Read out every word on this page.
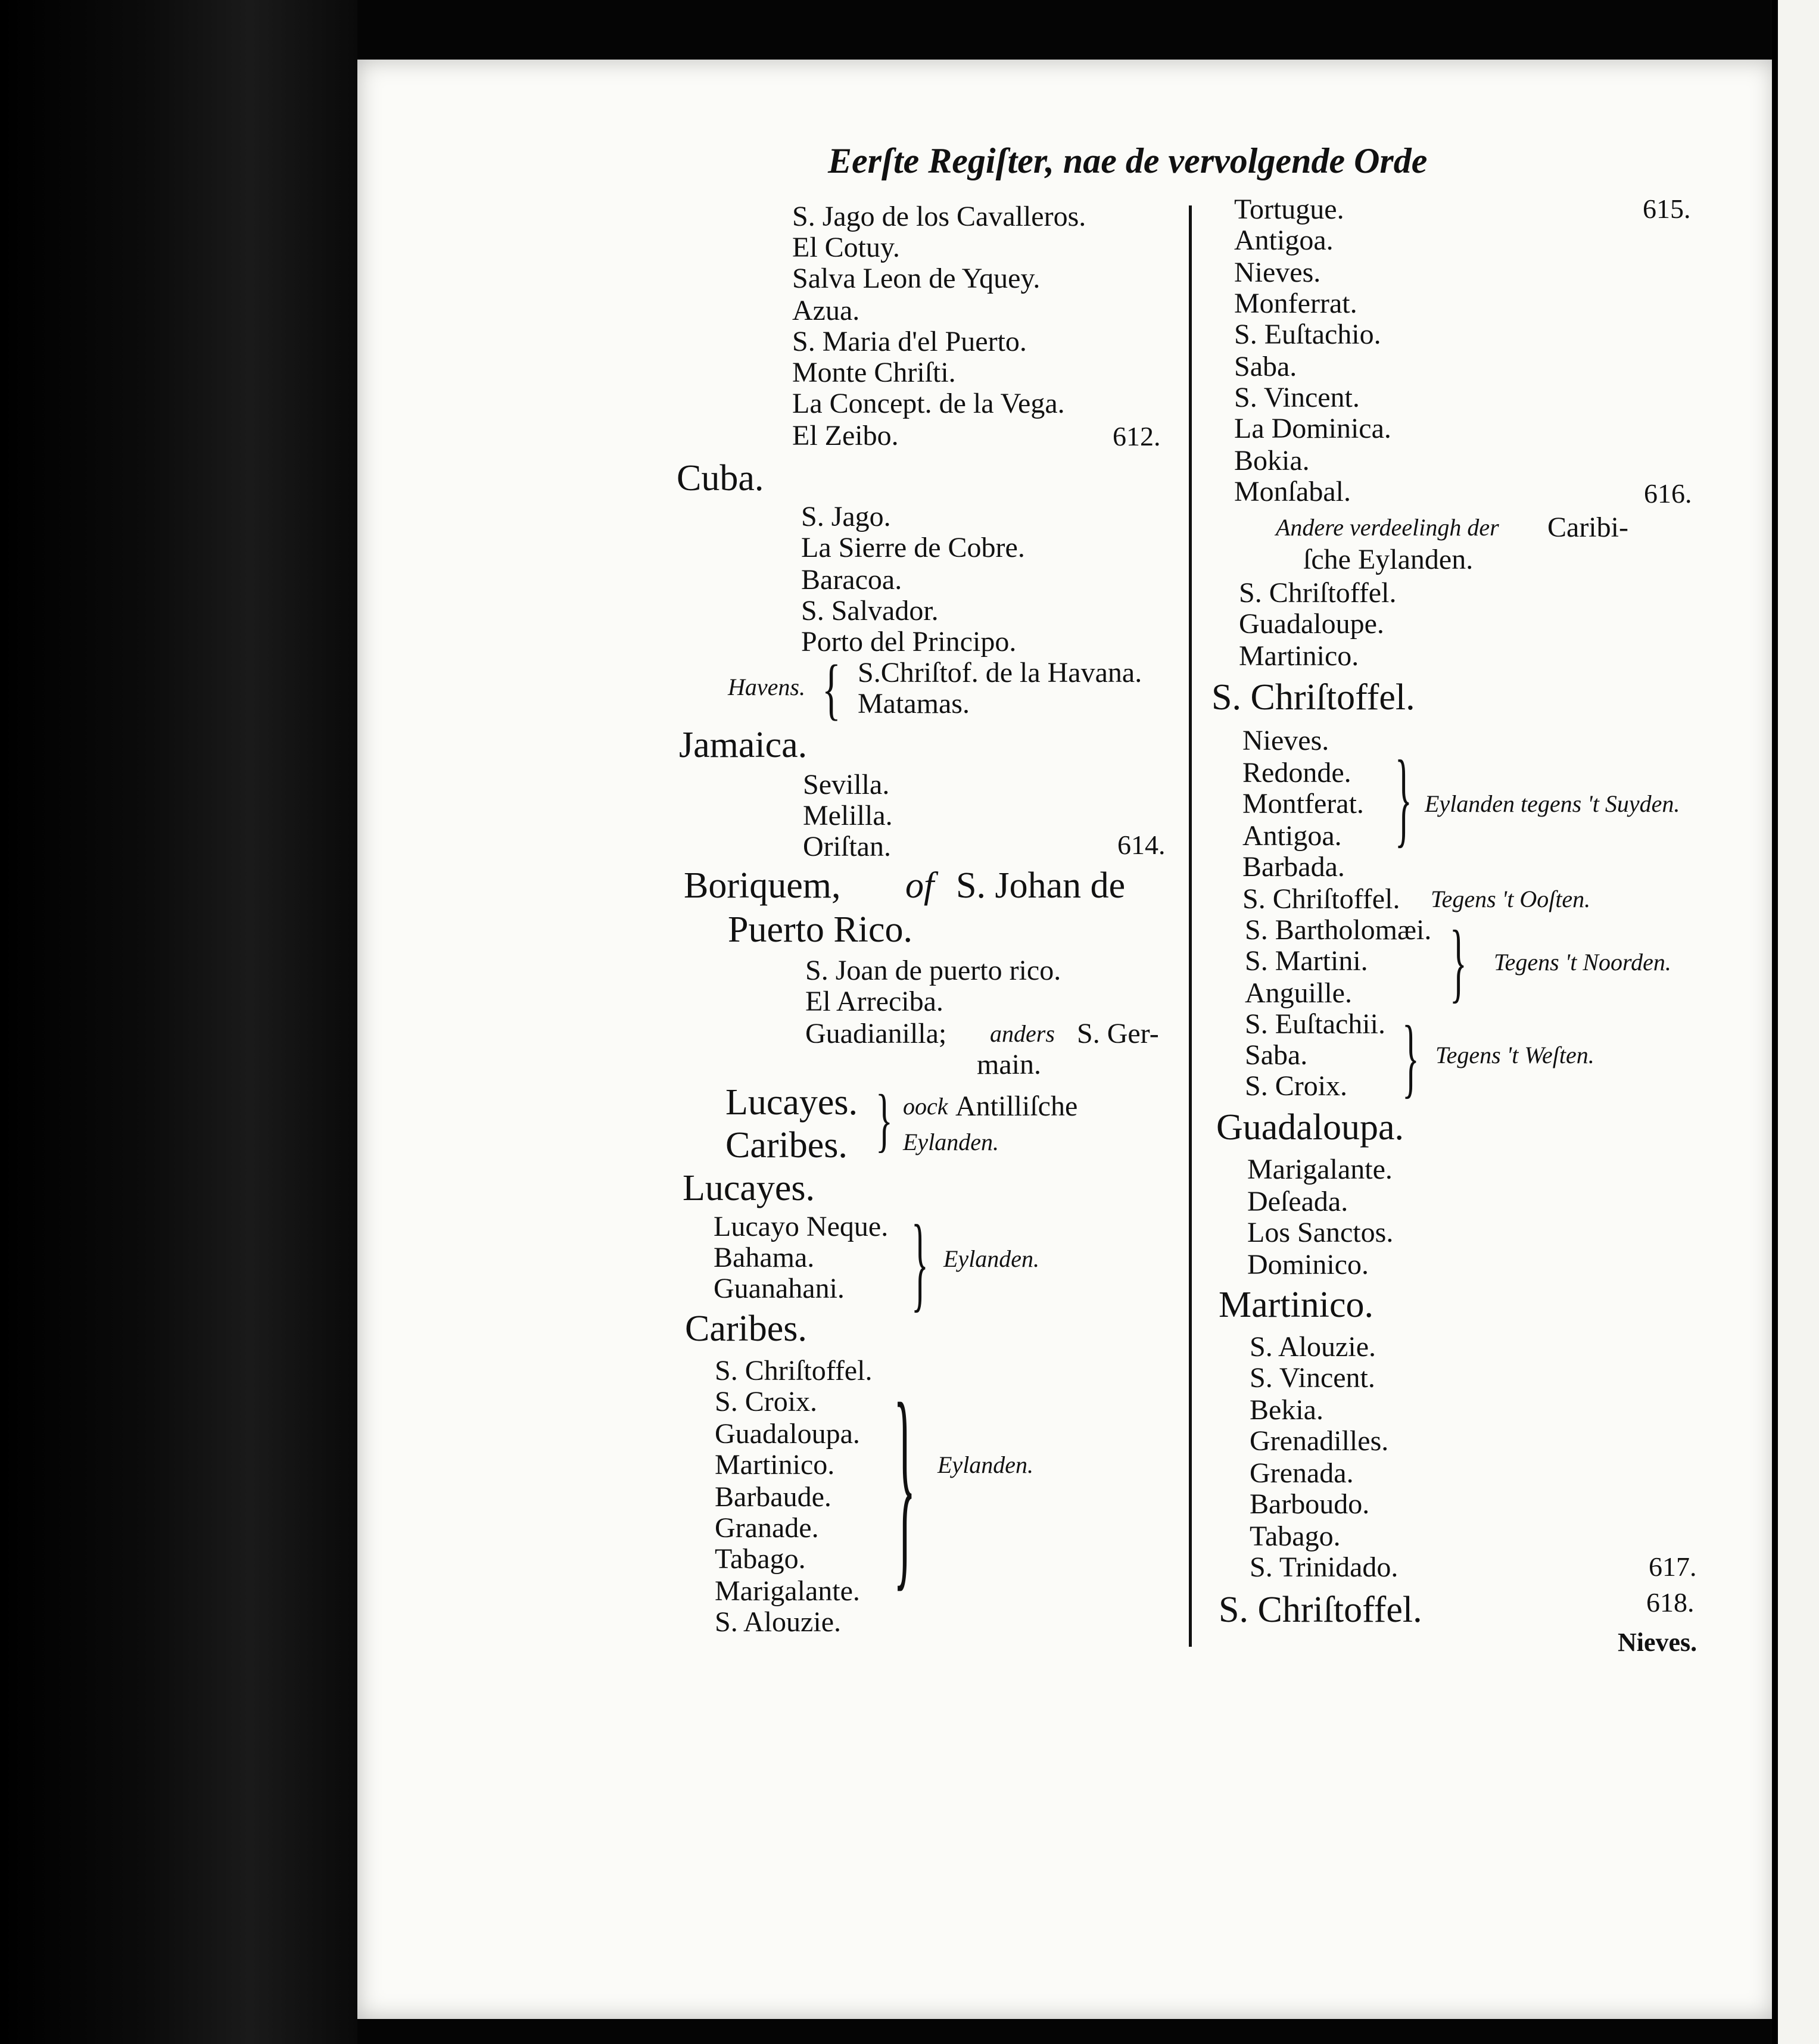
Eerſte Regiſter, nae de vervolgende Orde
S. Jago de los Cavalleros.
El Cotuy.
Salva Leon de Yquey.
Azua.
S. Maria d'el Puerto.
Monte Chriſti.
La Concept. de la Vega.
El Zeibo.	612.
Cuba.
S. Jago.
La Sierre de Cobre.
Baracoa.
S. Salvador.
Porto del Principo.
Havens. { S.Chriſtof. de la Havana.
Matamas.
Jamaica.
Sevilla.
Melilla.
Oriſtan.	614.
Boriquem, of S. Johan de
Puerto Rico.
S. Joan de puerto rico.
El Arreciba.
Guadianilla; anders S. Ger-
main.
Lucayes.
Caribes. } oock Antilliſche
Eylanden.
Lucayes.
Lucayo Neque.
Bahama.
Guanahani. } Eylanden.
Caribes.
S. Chriſtoffel.
S. Croix.
Guadaloupa.
Martinico.
Barbaude.
Granade.
Tabago.
Marigalante.
S. Alouzie.
} Eylanden.
Tortugue.	615.
Antigoa.
Nieves.
Monferrat.
S. Euſtachio.
Saba.
S. Vincent.
La Dominica.
Bokia.
Monſabal.	616.
Andere verdeelingh der Caribi-
ſche Eylanden.
S. Chriſtoffel.
Guadaloupe.
Martinico.
S. Chriſtoffel.
Nieves.
Redonde.
Montferat.
Antigoa. } Eylanden tegens 't Suyden.
Barbada.
S. Chriſtoffel. Tegens 't Ooſten.
S. Bartholomæi.
S. Martini.
Anguille. } Tegens 't Noorden.
S. Euſtachii.
Saba.
S. Croix. } Tegens 't Weſten.
Guadaloupa.
Marigalante.
Deſeada.
Los Sanctos.
Dominico.
Martinico.
S. Alouzie.
S. Vincent.
Bekia.
Grenadilles.
Grenada.
Barboudo.
Tabago.
S. Trinidado.	617.
S. Chriſtoffel.	618.
Nieves.
